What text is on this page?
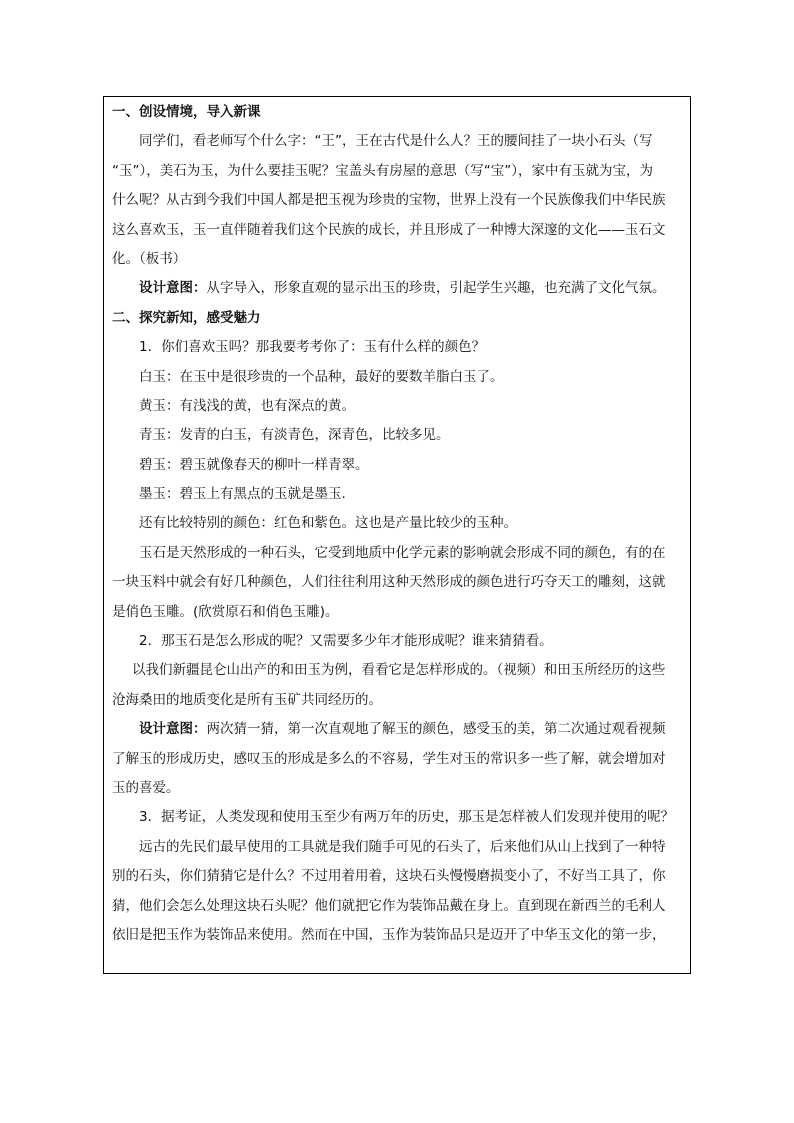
一、创设情境，导入新课
同学们，看老师写个什么字：“王”，王在古代是什么人？王的腰间挂了一块小石头（写
“玉”），美石为玉，为什么要挂玉呢？宝盖头有房屋的意思（写“宝”），家中有玉就为宝，为
什么呢？从古到今我们中国人都是把玉视为珍贵的宝物，世界上没有一个民族像我们中华民族
这么喜欢玉，玉一直伴随着我们这个民族的成长，并且形成了一种博大深邃的文化——玉石文
化。（板书）
设计意图：从字导入，形象直观的显示出玉的珍贵，引起学生兴趣，也充满了文化气氛。
二、探究新知，感受魅力
1．你们喜欢玉吗？那我要考考你了：玉有什么样的颜色？
白玉：在玉中是很珍贵的一个品种，最好的要数羊脂白玉了。
黄玉：有浅浅的黄，也有深点的黄。
青玉：发青的白玉，有淡青色，深青色，比较多见。
碧玉：碧玉就像春天的柳叶一样青翠。
墨玉：碧玉上有黑点的玉就是墨玉.
还有比较特别的颜色：红色和紫色。这也是产量比较少的玉种。
玉石是天然形成的一种石头，它受到地质中化学元素的影响就会形成不同的颜色，有的在
一块玉料中就会有好几种颜色，人们往往利用这种天然形成的颜色进行巧夺天工的雕刻，这就
是俏色玉雕。(欣赏原石和俏色玉雕)。
2．那玉石是怎么形成的呢？又需要多少年才能形成呢？谁来猜猜看。
以我们新疆昆仑山出产的和田玉为例，看看它是怎样形成的。（视频）和田玉所经历的这些
沧海桑田的地质变化是所有玉矿共同经历的。
设计意图：两次猜一猜，第一次直观地了解玉的颜色，感受玉的美，第二次通过观看视频
了解玉的形成历史，感叹玉的形成是多么的不容易，学生对玉的常识多一些了解，就会增加对
玉的喜爱。
3．据考证，人类发现和使用玉至少有两万年的历史，那玉是怎样被人们发现并使用的呢？
远古的先民们最早使用的工具就是我们随手可见的石头了，后来他们从山上找到了一种特
别的石头，你们猜猜它是什么？不过用着用着，这块石头慢慢磨损变小了，不好当工具了，你
猜，他们会怎么处理这块石头呢？他们就把它作为装饰品戴在身上。直到现在新西兰的毛利人
依旧是把玉作为装饰品来使用。然而在中国，玉作为装饰品只是迈开了中华玉文化的第一步，
